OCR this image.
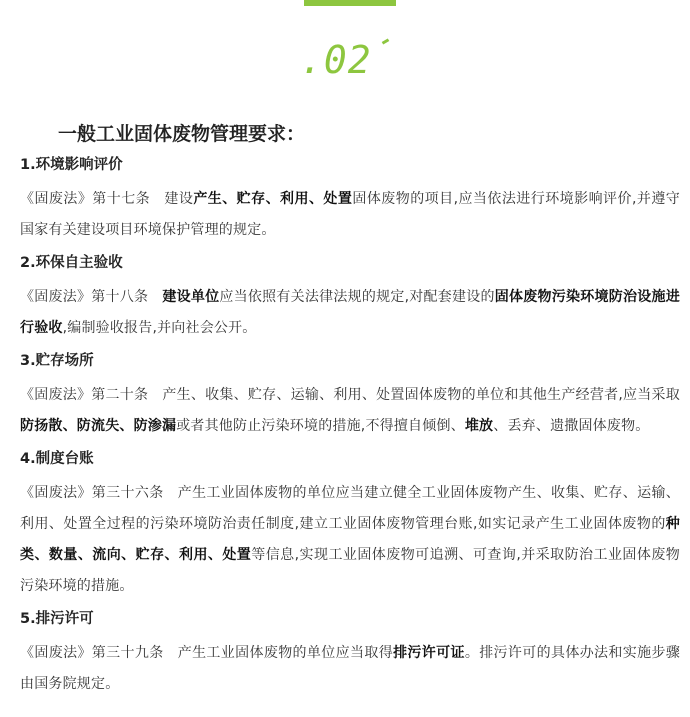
.02
一般工业固体废物管理要求：
1.环境影响评价
《固废法》第十七条 建设产生、贮存、利用、处置固体废物的项目,应当依法进行环境影响评价,并遵守国家有关建设项目环境保护管理的规定。
2.环保自主验收
《固废法》第十八条 建设单位应当依照有关法律法规的规定,对配套建设的固体废物污染环境防治设施进行验收,编制验收报告,并向社会公开。
3.贮存场所
《固废法》第二十条 产生、收集、贮存、运输、利用、处置固体废物的单位和其他生产经营者,应当采取防扬散、防流失、防渗漏或者其他防止污染环境的措施,不得擅自倾倒、堆放、丢弃、遗撒固体废物。
4.制度台账
《固废法》第三十六条 产生工业固体废物的单位应当建立健全工业固体废物产生、收集、贮存、运输、利用、处置全过程的污染环境防治责任制度,建立工业固体废物管理台账,如实记录产生工业固体废物的种类、数量、流向、贮存、利用、处置等信息,实现工业固体废物可追溯、可查询,并采取防治工业固体废物污染环境的措施。
5.排污许可
《固废法》第三十九条 产生工业固体废物的单位应当取得排污许可证。排污许可的具体办法和实施步骤由国务院规定。
